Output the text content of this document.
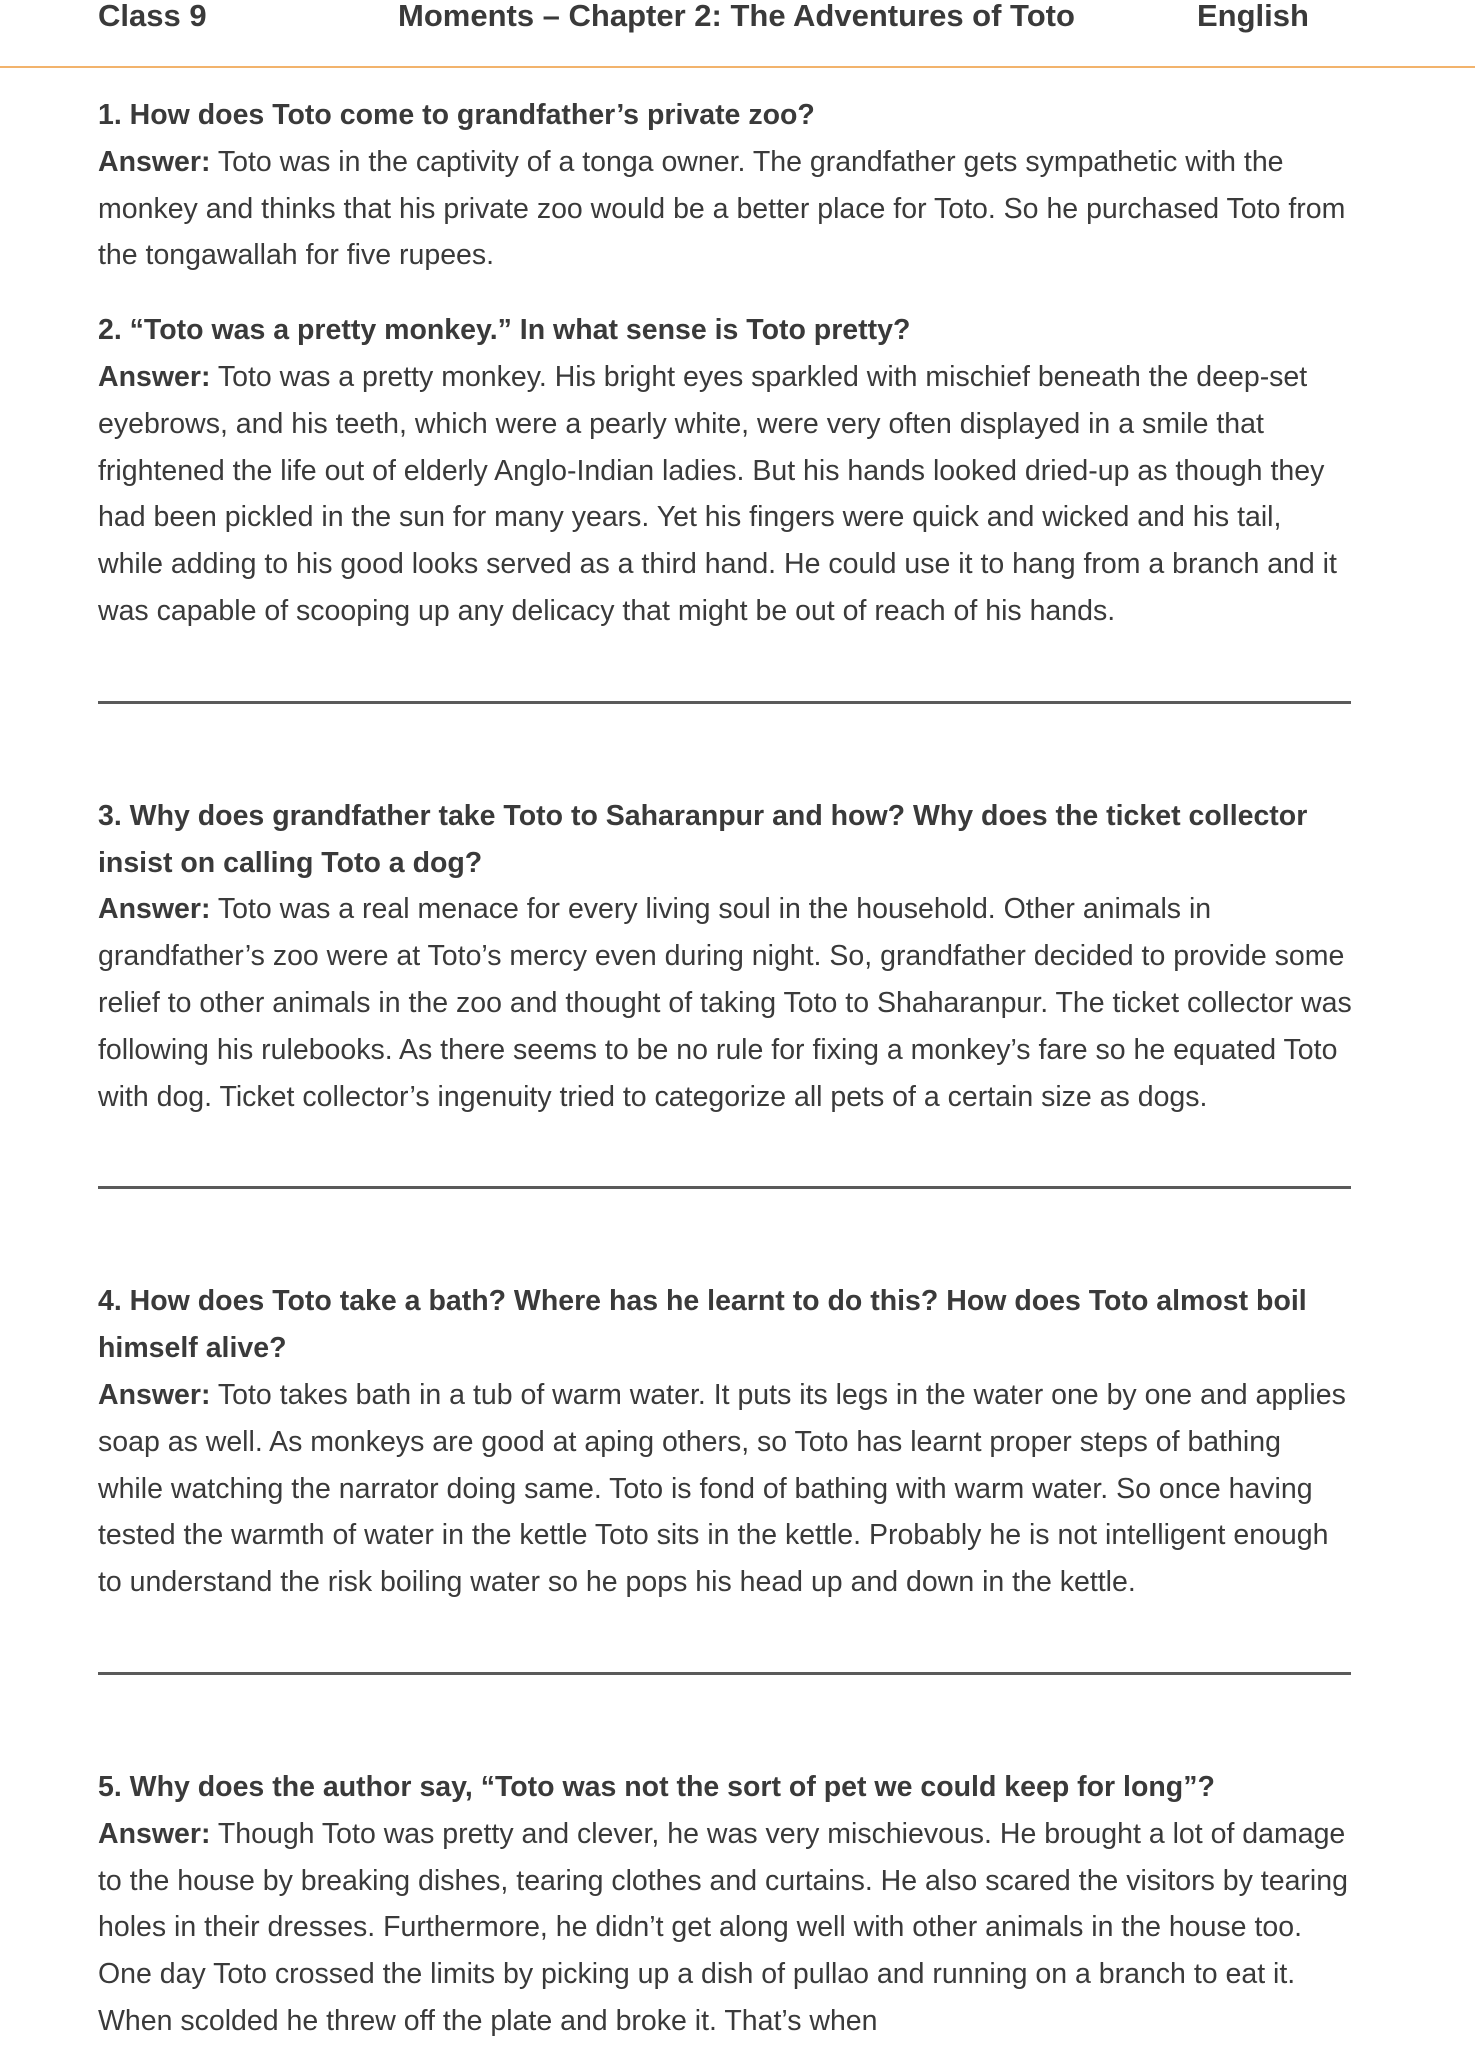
Class 9	Moments – Chapter 2: The Adventures of Toto	English

1. How does Toto come to grandfather’s private zoo?

Answer: Toto was in the captivity of a tonga owner. The grandfather gets sympathetic with the monkey and thinks that his private zoo would be a better place for Toto. So he purchased Toto from the tongawallah for five rupees.

2. “Toto was a pretty monkey.” In what sense is Toto pretty?

Answer: Toto was a pretty monkey. His bright eyes sparkled with mischief beneath the deep-set eyebrows, and his teeth, which were a pearly white, were very often displayed in a smile that frightened the life out of elderly Anglo-Indian ladies. But his hands looked dried-up as though they had been pickled in the sun for many years. Yet his fingers were quick and wicked and his tail, while adding to his good looks served as a third hand. He could use it to hang from a branch and it was capable of scooping up any delicacy that might be out of reach of his hands.

3. Why does grandfather take Toto to Saharanpur and how? Why does the ticket collector insist on calling Toto a dog?

Answer: Toto was a real menace for every living soul in the household. Other animals in grandfather’s zoo were at Toto’s mercy even during night. So, grandfather decided to provide some relief to other animals in the zoo and thought of taking Toto to Shaharanpur. The ticket collector was following his rulebooks. As there seems to be no rule for fixing a monkey’s fare so he equated Toto with dog. Ticket collector’s ingenuity tried to categorize all pets of a certain size as dogs.

4. How does Toto take a bath? Where has he learnt to do this? How does Toto almost boil himself alive?

Answer: Toto takes bath in a tub of warm water. It puts its legs in the water one by one and applies soap as well. As monkeys are good at aping others, so Toto has learnt proper steps of bathing while watching the narrator doing same. Toto is fond of bathing with warm water. So once having tested the warmth of water in the kettle Toto sits in the kettle. Probably he is not intelligent enough to understand the risk boiling water so he pops his head up and down in the kettle.

5. Why does the author say, “Toto was not the sort of pet we could keep for long”?

Answer: Though Toto was pretty and clever, he was very mischievous. He brought a lot of damage to the house by breaking dishes, tearing clothes and curtains. He also scared the visitors by tearing holes in their dresses. Furthermore, he didn’t get along well with other animals in the house too. One day Toto crossed the limits by picking up a dish of pullao and running on a branch to eat it. When scolded he threw off the plate and broke it. That’s when
